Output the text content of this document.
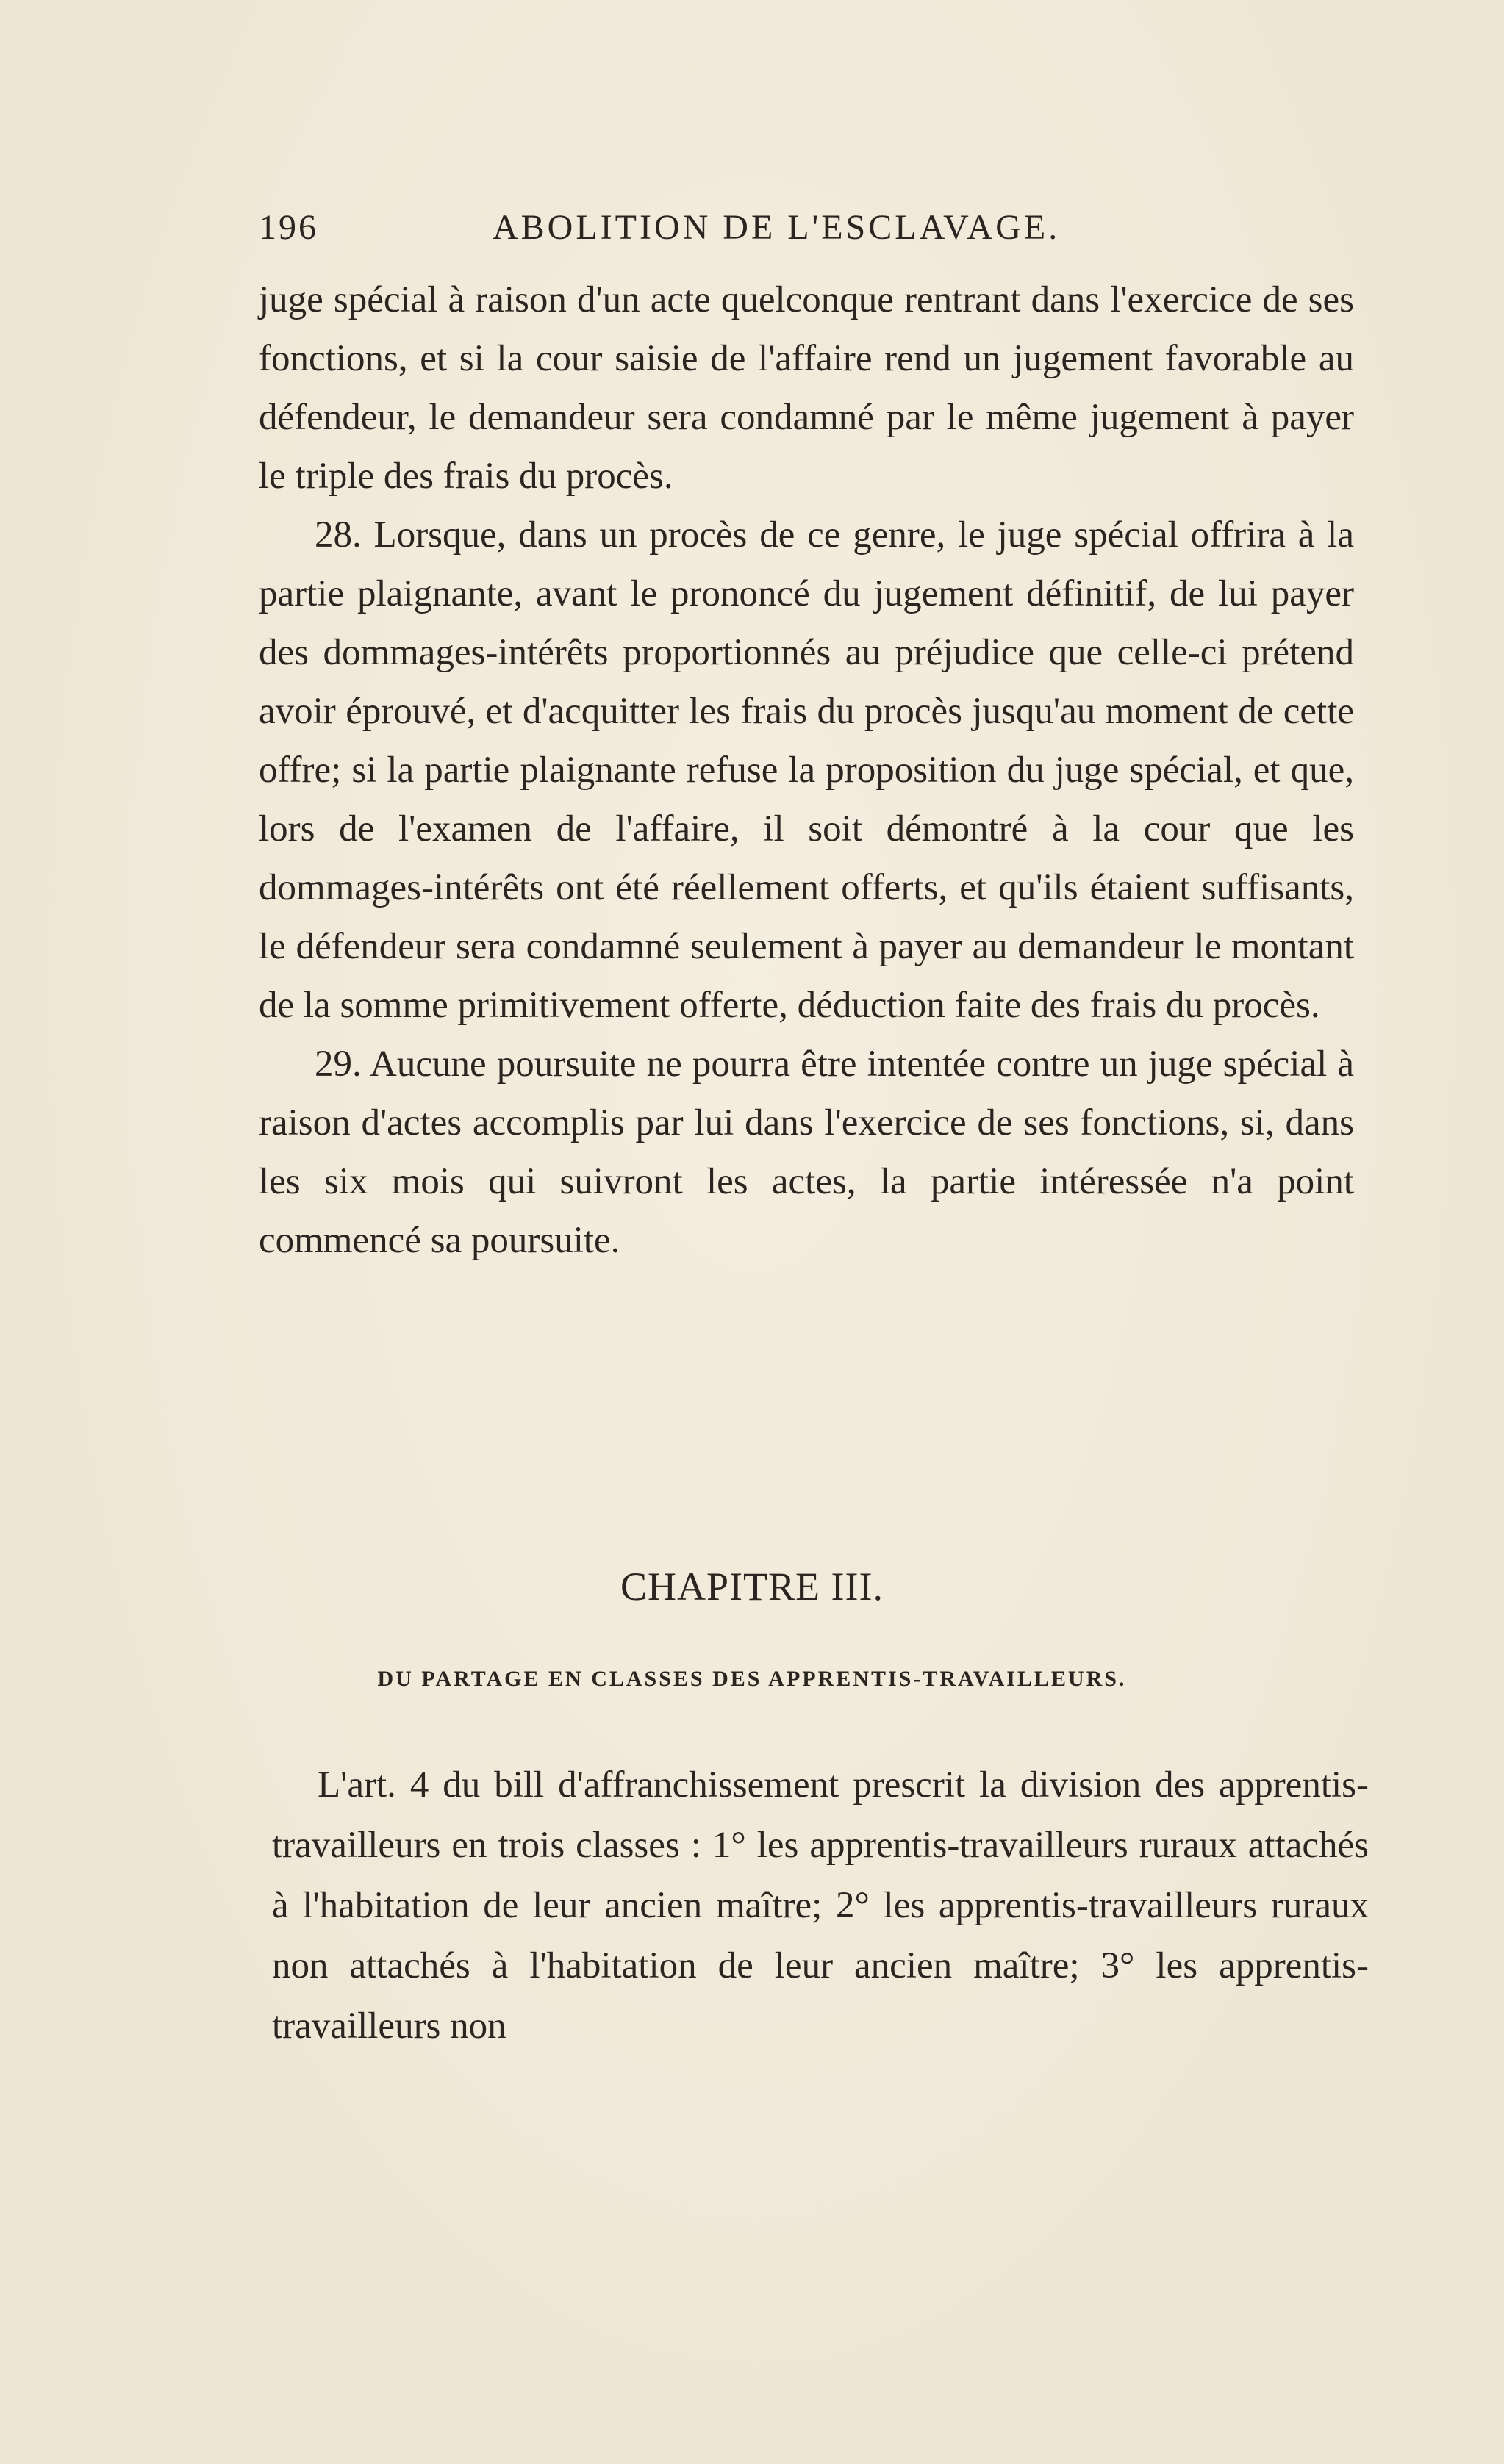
196	ABOLITION DE L'ESCLAVAGE.

juge spécial à raison d'un acte quelconque rentrant dans l'exercice de ses fonctions, et si la cour saisie de l'affaire rend un jugement favorable au défendeur, le demandeur sera condamné par le même jugement à payer le triple des frais du procès.

28. Lorsque, dans un procès de ce genre, le juge spécial offrira à la partie plaignante, avant le prononcé du jugement définitif, de lui payer des dommages-intérêts proportionnés au préjudice que celle-ci prétend avoir éprouvé, et d'acquitter les frais du procès jusqu'au moment de cette offre; si la partie plaignante refuse la proposition du juge spécial, et que, lors de l'examen de l'affaire, il soit démontré à la cour que les dommages-intérêts ont été réellement offerts, et qu'ils étaient suffisants, le défendeur sera condamné seulement à payer au demandeur le montant de la somme primitivement offerte, déduction faite des frais du procès.

29. Aucune poursuite ne pourra être intentée contre un juge spécial à raison d'actes accomplis par lui dans l'exercice de ses fonctions, si, dans les six mois qui suivront les actes, la partie intéressée n'a point commencé sa poursuite.

CHAPITRE III.
DU PARTAGE EN CLASSES DES APPRENTIS-TRAVAILLEURS.

L'art. 4 du bill d'affranchissement prescrit la division des apprentis-travailleurs en trois classes : 1° les apprentis-travailleurs ruraux attachés à l'habitation de leur ancien maître; 2° les apprentis-travailleurs ruraux non attachés à l'habitation de leur ancien maître; 3° les apprentis-travailleurs non
